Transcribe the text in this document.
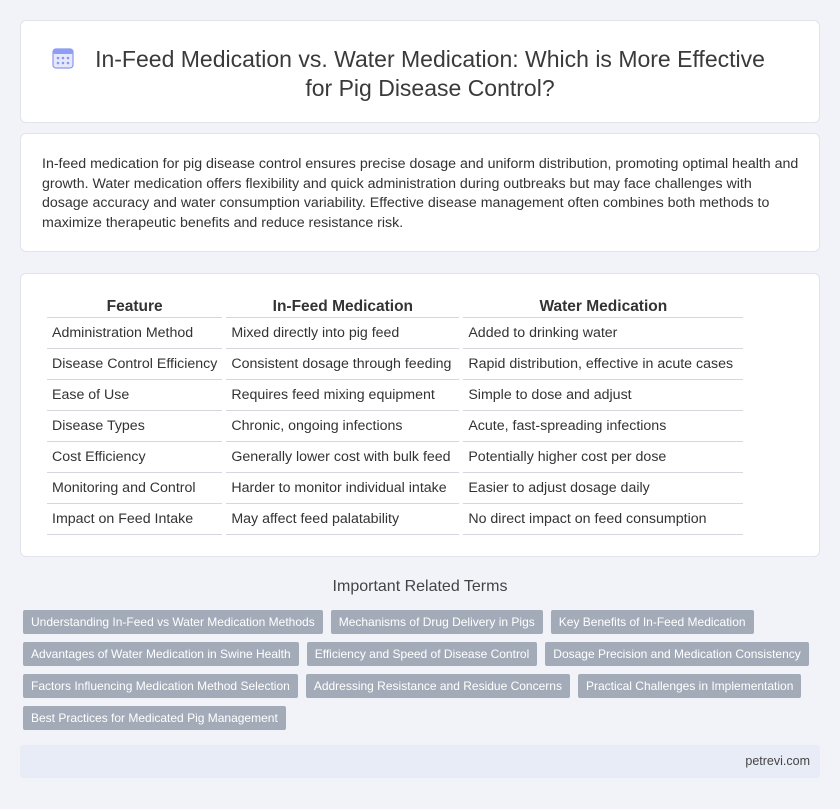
In-Feed Medication vs. Water Medication: Which is More Effective for Pig Disease Control?

In-feed medication for pig disease control ensures precise dosage and uniform distribution, promoting optimal health and growth. Water medication offers flexibility and quick administration during outbreaks but may face challenges with dosage accuracy and water consumption variability. Effective disease management often combines both methods to maximize therapeutic benefits and reduce resistance risk.

Feature	In-Feed Medication	Water Medication
Administration Method	Mixed directly into pig feed	Added to drinking water
Disease Control Efficiency	Consistent dosage through feeding	Rapid distribution, effective in acute cases
Ease of Use	Requires feed mixing equipment	Simple to dose and adjust
Disease Types	Chronic, ongoing infections	Acute, fast-spreading infections
Cost Efficiency	Generally lower cost with bulk feed	Potentially higher cost per dose
Monitoring and Control	Harder to monitor individual intake	Easier to adjust dosage daily
Impact on Feed Intake	May affect feed palatability	No direct impact on feed consumption
Important Related Terms
Understanding In-Feed vs Water Medication Methods	Mechanisms of Drug Delivery in Pigs	Key Benefits of In-Feed Medication
Advantages of Water Medication in Swine Health	Efficiency and Speed of Disease Control	Dosage Precision and Medication Consistency
Factors Influencing Medication Method Selection	Addressing Resistance and Residue Concerns	Practical Challenges in Implementation
Best Practices for Medicated Pig Management
petrevi.com
